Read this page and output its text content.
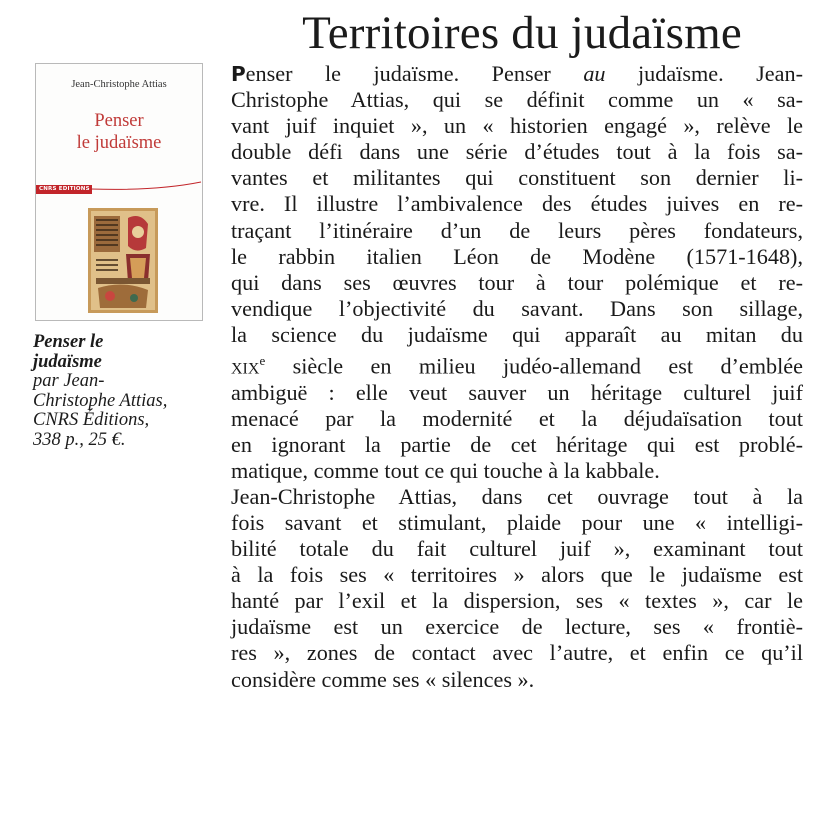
Territoires du judaïsme
Jean-Christophe Attias
Penser
le judaïsme
CNRS EDITIONS
Penser le
judaïsme
par Jean-
Christophe Attias,
CNRS Éditions,
338 p., 25 €.
Penser le judaïsme. Penser au judaïsme. Jean-
Christophe Attias, qui se définit comme un « sa-
vant juif inquiet », un « historien engagé », relève le
double défi dans une série d’études tout à la fois sa-
vantes et militantes qui constituent son dernier li-
vre. Il illustre l’ambivalence des études juives en re-
traçant l’itinéraire d’un de leurs pères fondateurs,
le rabbin italien Léon de Modène (1571-1648),
qui dans ses œuvres tour à tour polémique et re-
vendique l’objectivité du savant. Dans son sillage,
la science du judaïsme qui apparaît au mitan du
xix$^e$ siècle en milieu judéo-allemand est d’emblée
ambiguë : elle veut sauver un héritage culturel juif
menacé par la modernité et la déjudaïsation tout
en ignorant la partie de cet héritage qui est problé-
matique, comme tout ce qui touche à la kabbale.
Jean-Christophe Attias, dans cet ouvrage tout à la
fois savant et stimulant, plaide pour une « intelligi-
bilité totale du fait culturel juif », examinant tout
à la fois ses « territoires » alors que le judaïsme est
hanté par l’exil et la dispersion, ses « textes », car le
judaïsme est un exercice de lecture, ses « frontiè-
res », zones de contact avec l’autre, et enfin ce qu’il
considère comme ses « silences ».
